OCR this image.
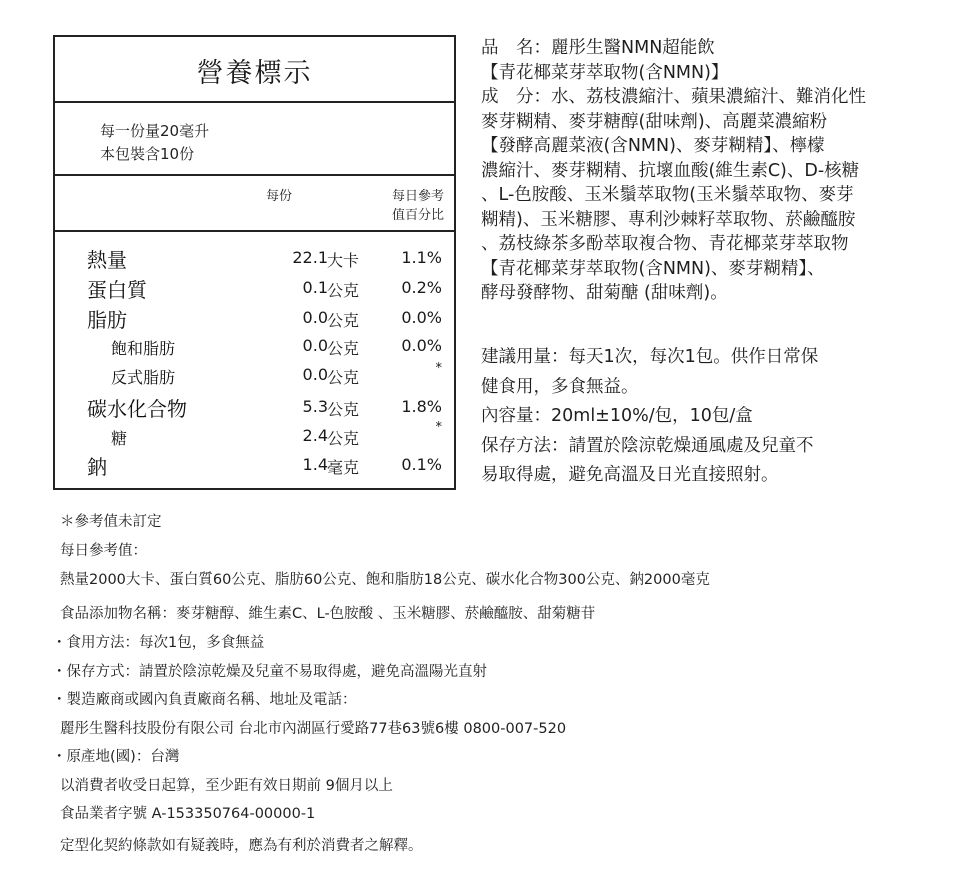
營養標示
每一份量20毫升
本包裝含10份
每份	每日參考
值百分比
熱量	22.1 大卡	1.1%
蛋白質	0.1 公克	0.2%
脂肪	0.0 公克	0.0%
飽和脂肪	0.0 公克	0.0%
反式脂肪	0.0 公克	*
碳水化合物	5.3 公克	1.8%
糖	2.4 公克
*
鈉	1.4 毫克	0.1%
品　名：麗彤生醫NMN超能飲
【青花椰菜芽萃取物(含NMN)】
成　分：水、荔枝濃縮汁、蘋果濃縮汁、難消化性
麥芽糊精、麥芽糖醇(甜味劑)、高麗菜濃縮粉
【發酵高麗菜液(含NMN)、麥芽糊精】、檸檬
濃縮汁、麥芽糊精、抗壞血酸(維生素C)、D-核糖
、L-色胺酸、玉米鬚萃取物(玉米鬚萃取物、麥芽
糊精)、玉米糖膠、專利沙棘籽萃取物、菸鹼醯胺
、荔枝綠茶多酚萃取複合物、青花椰菜芽萃取物
【青花椰菜芽萃取物(含NMN)、麥芽糊精】、
酵母發酵物、甜菊醣 (甜味劑)。
建議用量：每天1次，每次1包。供作日常保
健食用，多食無益。
內容量：20ml±10%/包，10包/盒
保存方法：請置於陰涼乾燥通風處及兒童不
易取得處，避免高溫及日光直接照射。
＊參考值未訂定
每日參考值：
熱量2000大卡、蛋白質60公克、脂肪60公克、飽和脂肪18公克、碳水化合物300公克、鈉2000毫克
食品添加物名稱：麥芽糖醇、維生素C、L-色胺酸 、玉米糖膠、菸鹼醯胺、甜菊糖苷
・食用方法：每次1包，多食無益
・保存方式：請置於陰涼乾燥及兒童不易取得處，避免高溫陽光直射
・製造廠商或國內負責廠商名稱、地址及電話：
麗彤生醫科技股份有限公司 台北市內湖區行愛路77巷63號6樓 0800-007-520
・原產地(國)：台灣
以消費者收受日起算，至少距有效日期前 9個月以上
食品業者字號 A-153350764-00000-1
定型化契約條款如有疑義時，應為有利於消費者之解釋。
